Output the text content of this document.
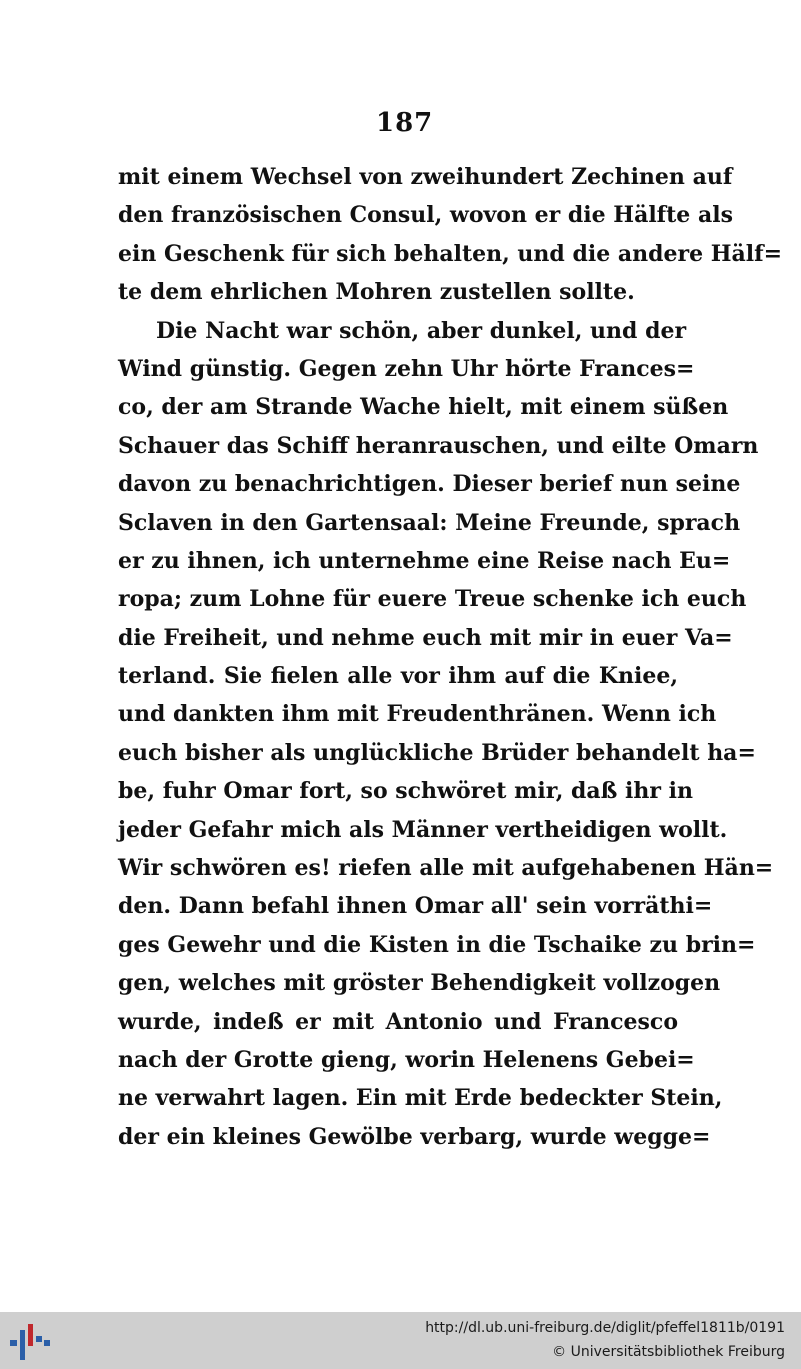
187
mit einem Wechsel von zweihundert Zechinen auf
den französischen Consul, wovon er die Hälfte als
ein Geschenk für sich behalten, und die andere Hälf=
te dem ehrlichen Mohren zustellen sollte.
Die Nacht war schön, aber dunkel, und der
Wind günstig. Gegen zehn Uhr hörte Frances=
co, der am Strande Wache hielt, mit einem süßen
Schauer das Schiff heranrauschen, und eilte Omarn
davon zu benachrichtigen. Dieser berief nun seine
Sclaven in den Gartensaal: Meine Freunde, sprach
er zu ihnen, ich unternehme eine Reise nach Eu=
ropa; zum Lohne für euere Treue schenke ich euch
die Freiheit, und nehme euch mit mir in euer Va=
terland. Sie fielen alle vor ihm auf die Kniee,
und dankten ihm mit Freudenthränen. Wenn ich
euch bisher als unglückliche Brüder behandelt ha=
be, fuhr Omar fort, so schwöret mir, daß ihr in
jeder Gefahr mich als Männer vertheidigen wollt.
Wir schwören es! riefen alle mit aufgehabenen Hän=
den. Dann befahl ihnen Omar all' sein vorräthi=
ges Gewehr und die Kisten in die Tschaike zu brin=
gen, welches mit gröster Behendigkeit vollzogen
wurde, indeß er mit Antonio und Francesco
nach der Grotte gieng, worin Helenens Gebei=
ne verwahrt lagen. Ein mit Erde bedeckter Stein,
der ein kleines Gewölbe verbarg, wurde wegge=
http://dl.ub.uni-freiburg.de/diglit/pfeffel1811b/0191
© Universitätsbibliothek Freiburg
